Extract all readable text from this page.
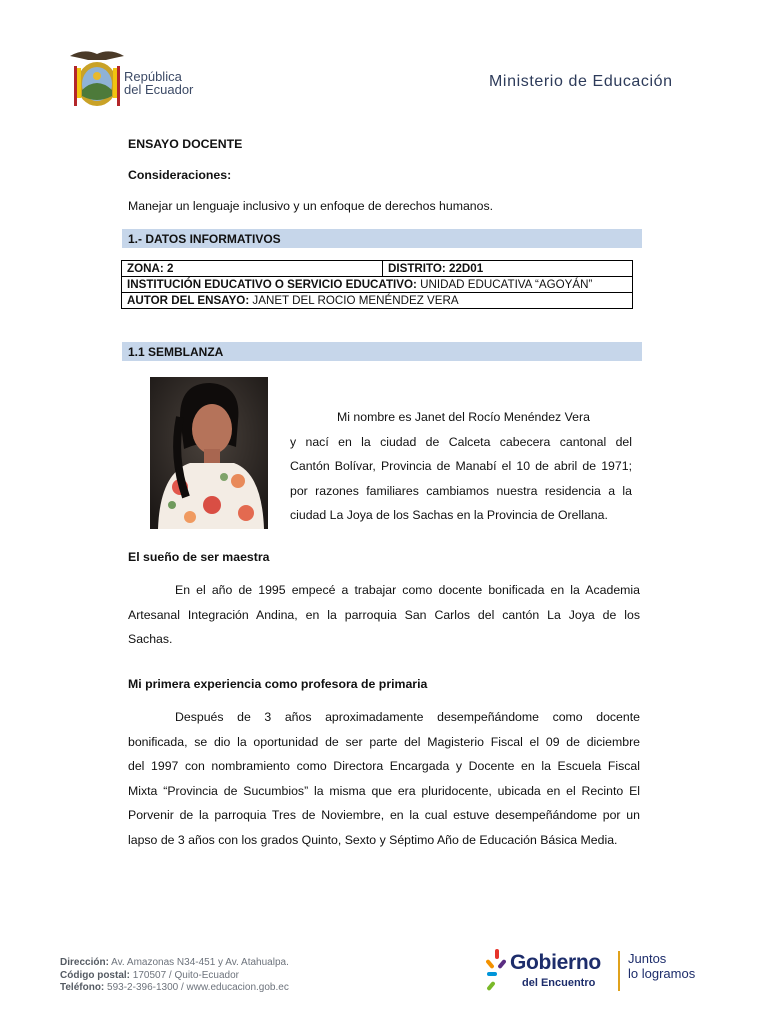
República
del Ecuador	Ministerio de Educación
ENSAYO DOCENTE
Consideraciones:
Manejar un lenguaje inclusivo y un enfoque de derechos humanos.
1.- DATOS INFORMATIVOS
ZONA: 2	DISTRITO: 22D01
INSTITUCIÓN EDUCATIVO O SERVICIO EDUCATIVO: UNIDAD EDUCATIVA “AGOYÁN”
AUTOR DEL ENSAYO: JANET DEL ROCIO MENÉNDEZ VERA
1.1 SEMBLANZA
Mi nombre es Janet del Rocío Menéndez Vera
y nací en la ciudad de Calceta cabecera cantonal del
Cantón Bolívar, Provincia de Manabí el 10 de abril de 1971;
por razones familiares cambiamos nuestra residencia a la
ciudad La Joya de los Sachas en la Provincia de Orellana.
El sueño de ser maestra
En el año de 1995 empecé a trabajar como docente bonificada en la Academia
Artesanal Integración Andina, en la parroquia San Carlos del cantón La Joya de los
Sachas.
Mi primera experiencia como profesora de primaria
Después de 3 años aproximadamente desempeñándome como docente
bonificada, se dio la oportunidad de ser parte del Magisterio Fiscal el 09 de diciembre
del 1997 con nombramiento como Directora Encargada y Docente en la Escuela Fiscal
Mixta “Provincia de Sucumbios” la misma que era pluridocente, ubicada en el Recinto El
Porvenir de la parroquia Tres de Noviembre, en la cual estuve desempeñándome por un
lapso de 3 años con los grados Quinto, Sexto y Séptimo Año de Educación Básica Media.
Dirección: Av. Amazonas N34-451 y Av. Atahualpa.
Código postal: 170507 / Quito-Ecuador
Teléfono: 593-2-396-1300 / www.educacion.gob.ec
Gobierno
del Encuentro
Juntos
lo logramos
